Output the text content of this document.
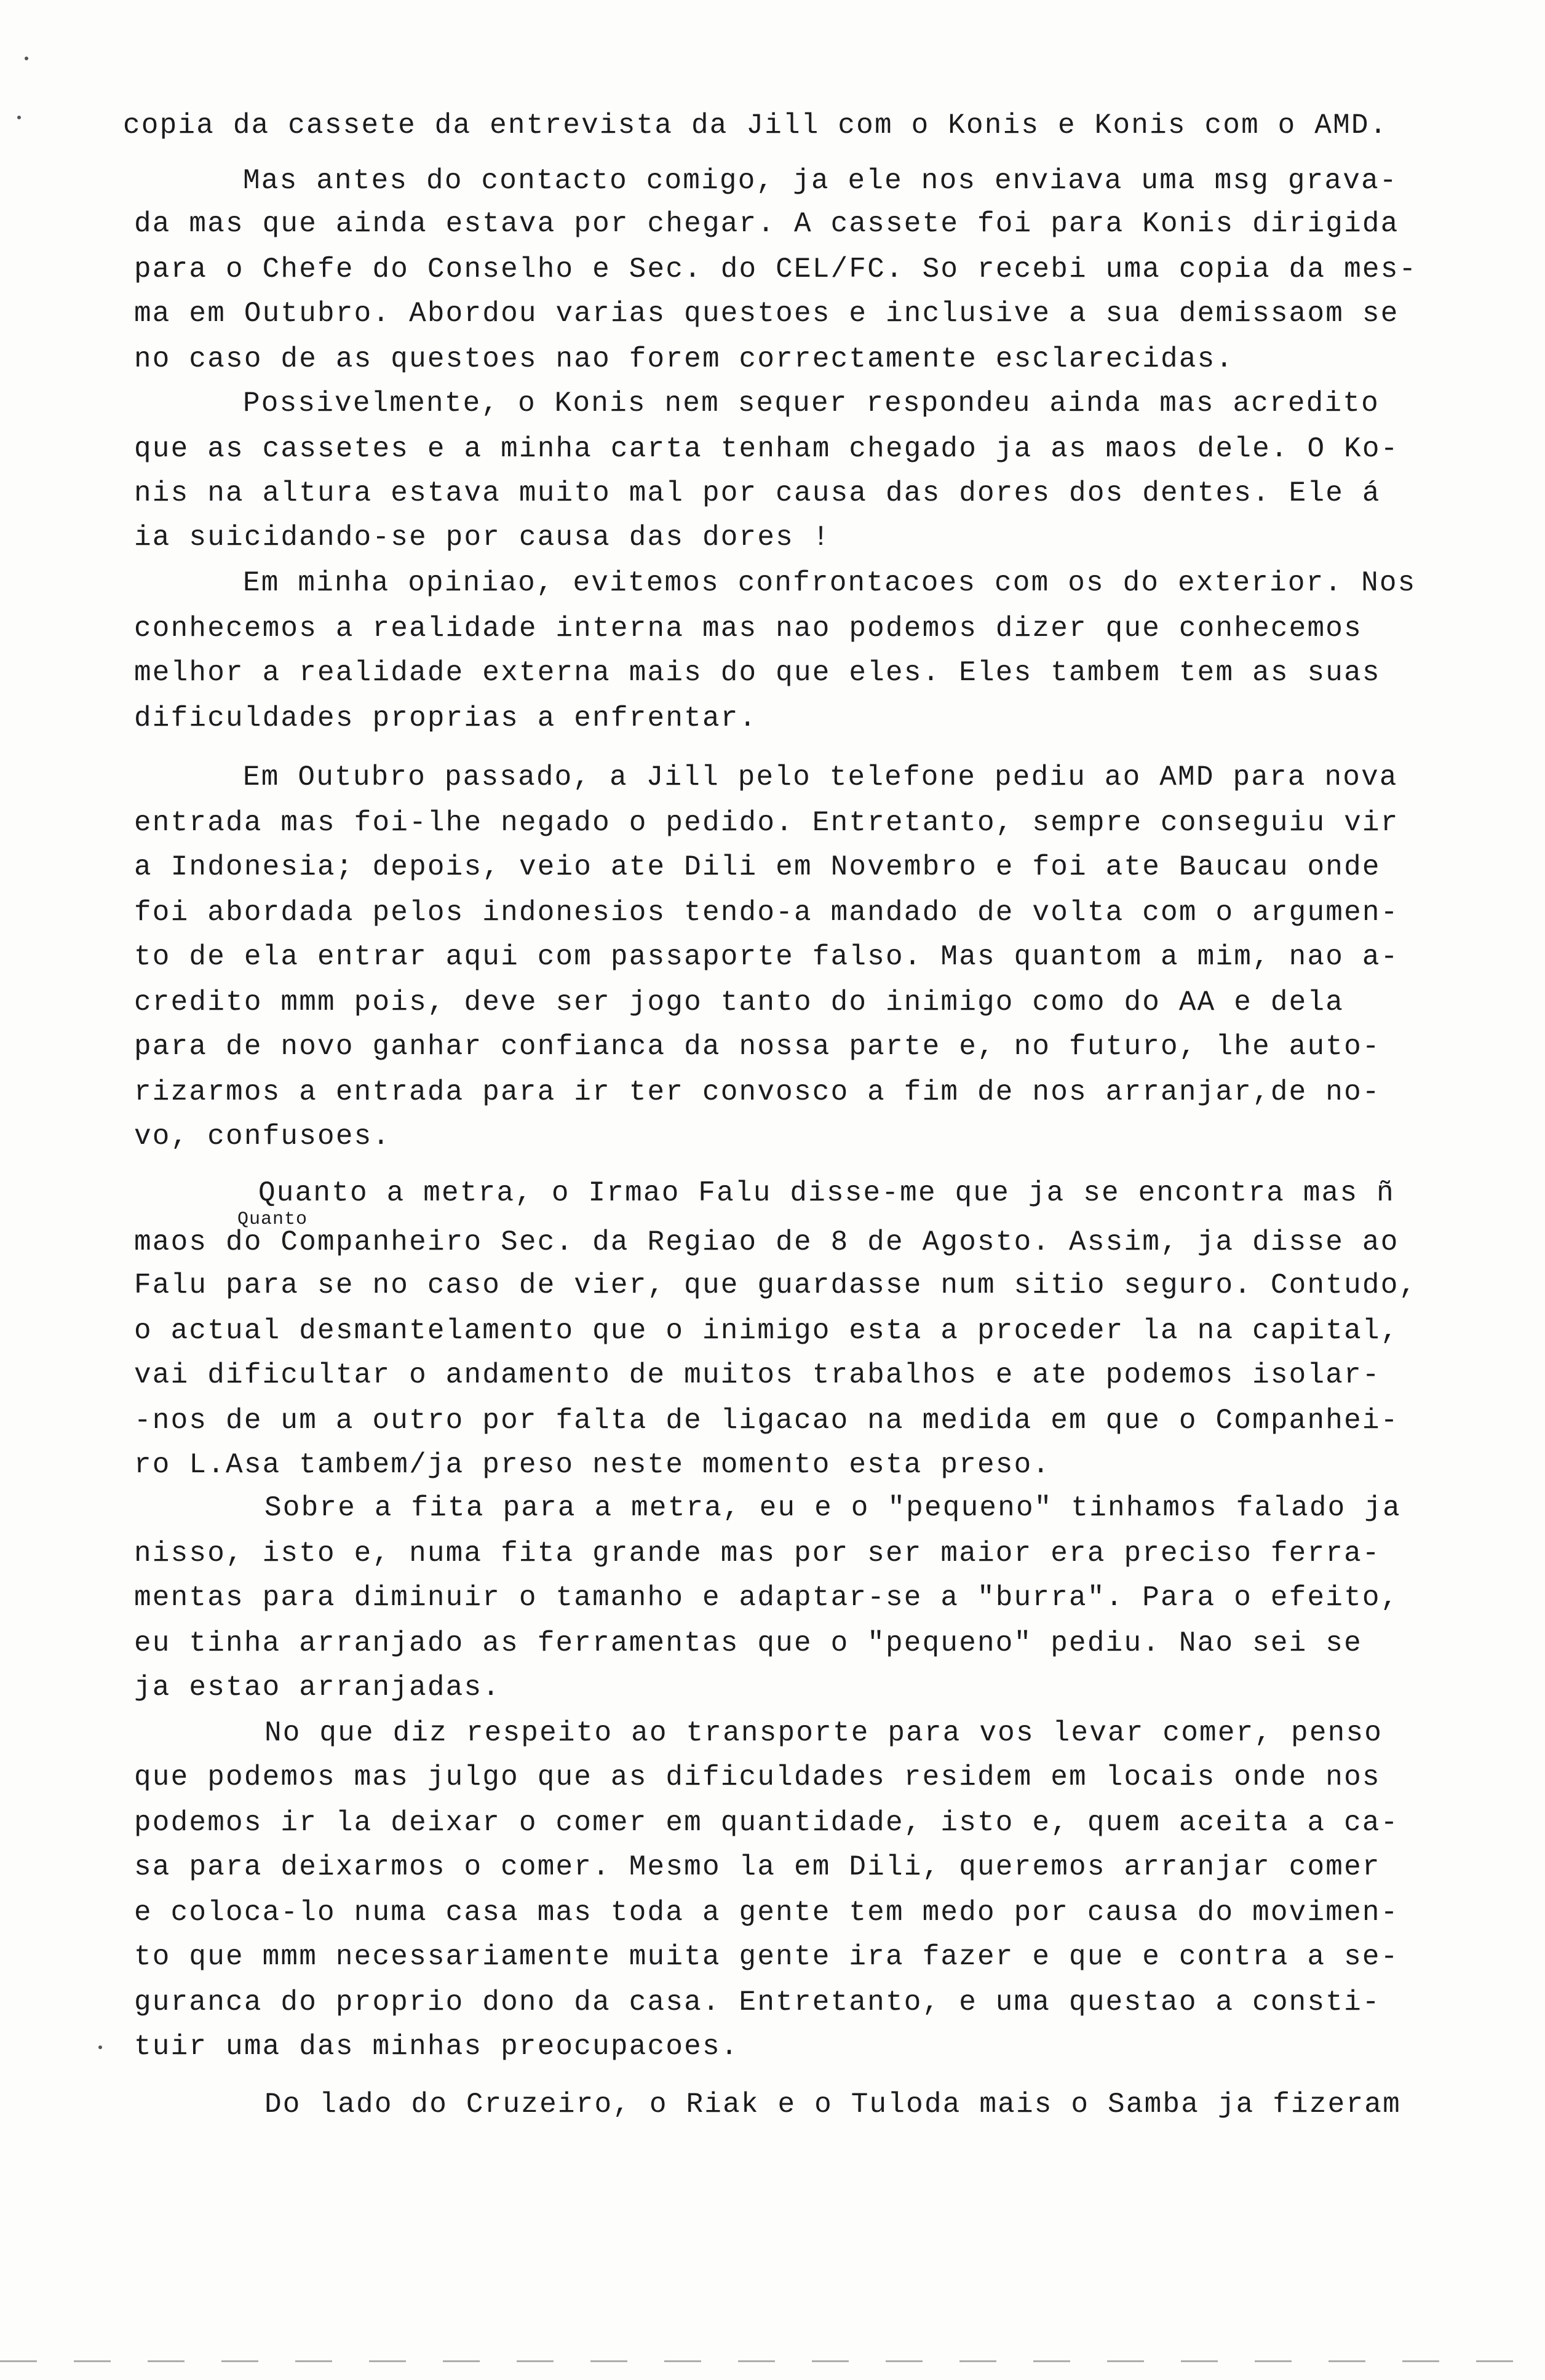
copia da cassete da entrevista da Jill com o Konis e Konis com o AMD.
Mas antes do contacto comigo, ja ele nos enviava uma msg grava-
da mas que ainda estava por chegar. A cassete foi para Konis dirigida
para o Chefe do Conselho e Sec. do CEL/FC. So recebi uma copia da mes-
ma em Outubro. Abordou varias questoes e inclusive a sua demissaom se
no caso de as questoes nao forem correctamente esclarecidas.
Possivelmente, o Konis nem sequer respondeu ainda mas acredito
que as cassetes e a minha carta tenham chegado ja as maos dele. O Ko-
nis na altura estava muito mal por causa das dores dos dentes. Ele á
ia suicidando-se por causa das dores !
Em minha opiniao, evitemos confrontacoes com os do exterior. Nos
conhecemos a realidade interna mas nao podemos dizer que conhecemos
melhor a realidade externa mais do que eles. Eles tambem tem as suas
dificuldades proprias a enfrentar.
Em Outubro passado, a Jill pelo telefone pediu ao AMD para nova
entrada mas foi-lhe negado o pedido. Entretanto, sempre conseguiu vir
a Indonesia; depois, veio ate Dili em Novembro e foi ate Baucau onde
foi abordada pelos indonesios tendo-a mandado de volta com o argumen-
to de ela entrar aqui com passaporte falso. Mas quantom a mim, nao a-
credito mmm pois, deve ser jogo tanto do inimigo como do AA e dela
para de novo ganhar confianca da nossa parte e, no futuro, lhe auto-
rizarmos a entrada para ir ter convosco a fim de nos arranjar,de no-
vo, confusoes.
Quanto a metra, o Irmao Falu disse-me que ja se encontra mas ñ
Quanto
maos do Companheiro Sec. da Regiao de 8 de Agosto. Assim, ja disse ao
Falu para se no caso de vier, que guardasse num sitio seguro. Contudo,
o actual desmantelamento que o inimigo esta a proceder la na capital,
vai dificultar o andamento de muitos trabalhos e ate podemos isolar-
-nos de um a outro por falta de ligacao na medida em que o Companhei-
ro L.Asa tambem/ja preso neste momento esta preso.
Sobre a fita para a metra, eu e o "pequeno" tinhamos falado ja
nisso, isto e, numa fita grande mas por ser maior era preciso ferra-
mentas para diminuir o tamanho e adaptar-se a "burra". Para o efeito,
eu tinha arranjado as ferramentas que o "pequeno" pediu. Nao sei se
ja estao arranjadas.
No que diz respeito ao transporte para vos levar comer, penso
que podemos mas julgo que as dificuldades residem em locais onde nos
podemos ir la deixar o comer em quantidade, isto e, quem aceita a ca-
sa para deixarmos o comer. Mesmo la em Dili, queremos arranjar comer
e coloca-lo numa casa mas toda a gente tem medo por causa do movimen-
to que mmm necessariamente muita gente ira fazer e que e contra a se-
guranca do proprio dono da casa. Entretanto, e uma questao a consti-
tuir uma das minhas preocupacoes.
Do lado do Cruzeiro, o Riak e o Tuloda mais o Samba ja fizeram
